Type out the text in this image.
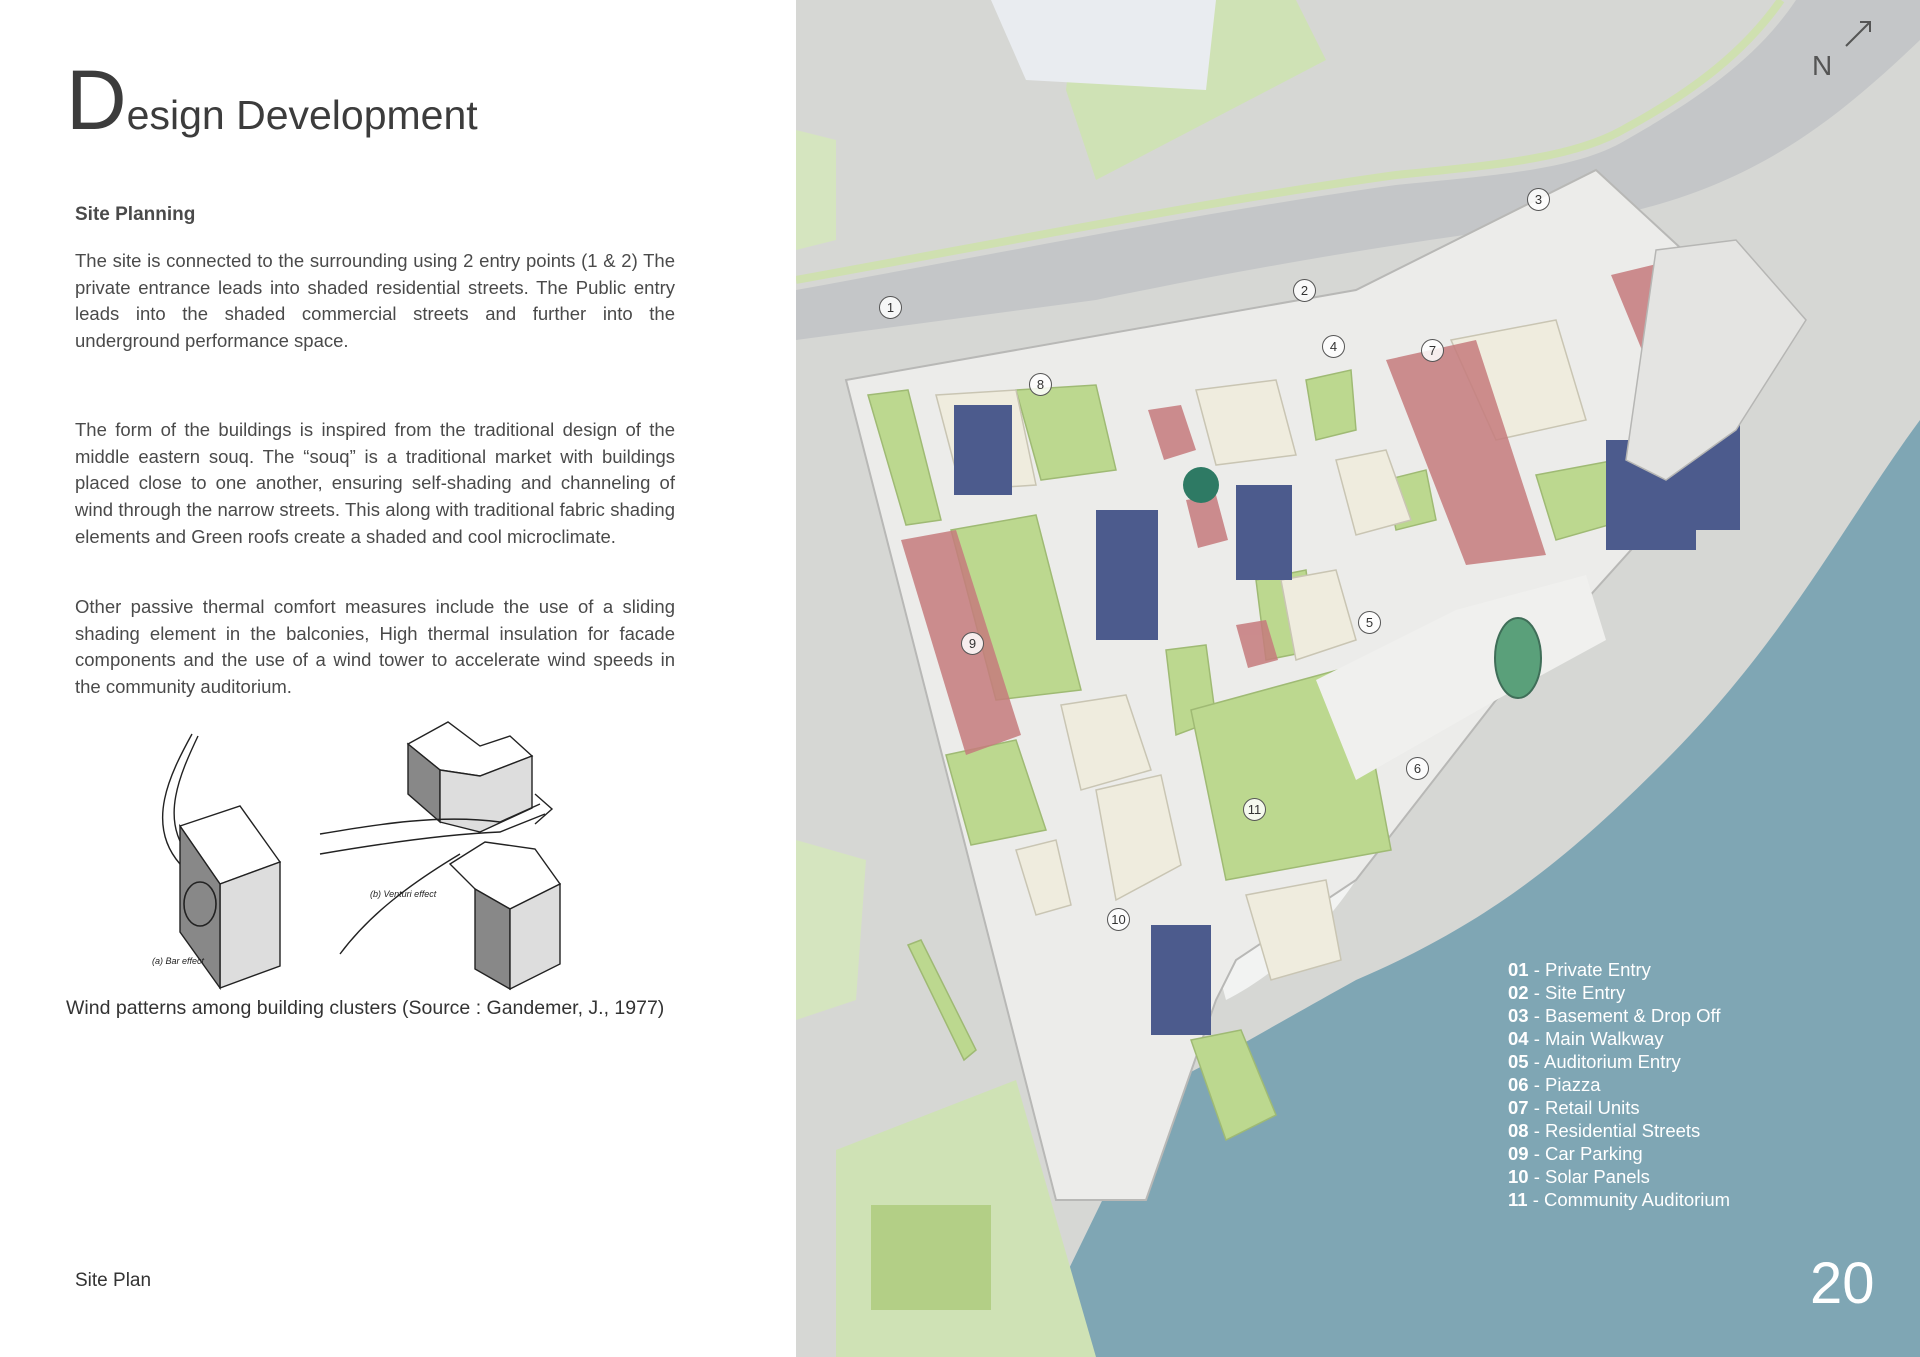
Design Development
Site Planning

The site is connected to the surrounding using 2 entry points (1 & 2) The private entrance leads into shaded residential streets. The Public entry leads into the shaded commercial streets and further into the underground performance space.

The form of the buildings is inspired from the traditional design of the middle eastern souq. The “souq” is a traditional market with buildings placed close to one another, ensuring self-shading and channeling of wind through the narrow streets. This along with traditional fabric shading elements and Green roofs create a shaded and cool microclimate.

Other passive thermal comfort measures include the use of a sliding shading element in the balconies, High thermal insulation for facade components and the use of a wind tower to accelerate wind speeds in the community auditorium.

(a) Bar effect
(b) Venturi effect
Wind patterns among building clusters (Source : Gandemer, J., 1977)
Site Plan
1
2
3
4
5
6
7
8
9
10
11
N
01 - Private Entry
02 - Site Entry
03 - Basement & Drop Off
04 - Main Walkway
05 - Auditorium Entry
06 - Piazza
07 - Retail Units
08 - Residential Streets
09 - Car Parking
10 - Solar Panels
11 - Community Auditorium
20
